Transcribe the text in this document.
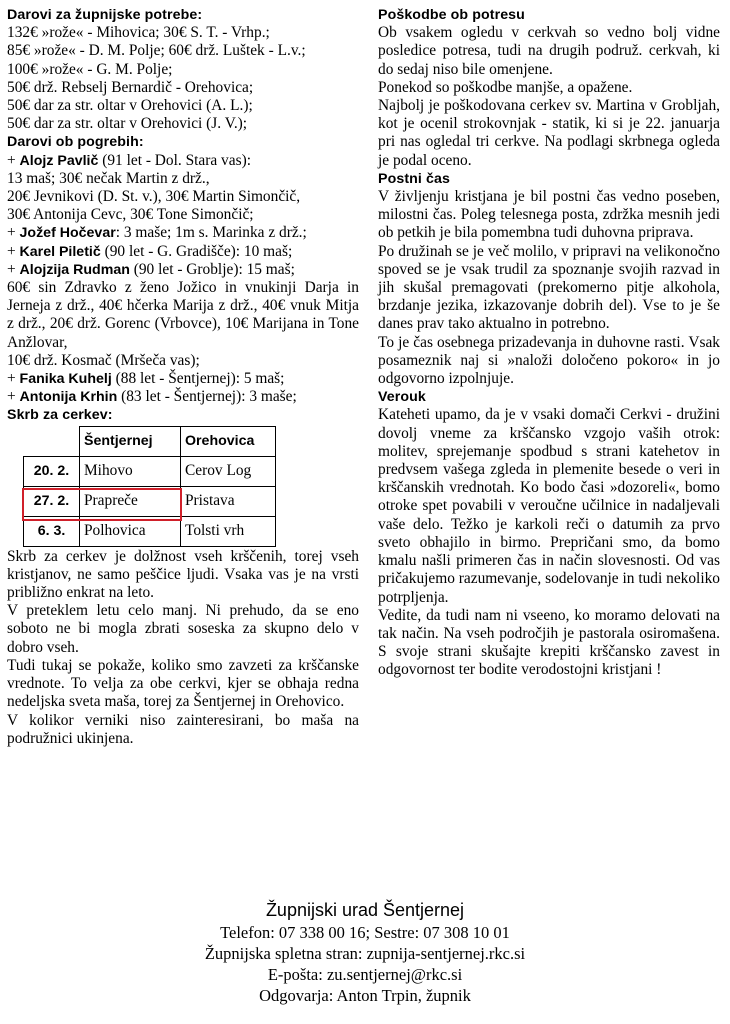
Darovi za župnijske potrebe:
132€ »rože« - Mihovica; 30€ S. T. - Vrhp.;
85€ »rože« - D. M. Polje; 60€ drž. Luštek - L.v.;
100€ »rože« - G. M. Polje;
50€ drž. Rebselj Bernardič - Orehovica;
50€ dar za str. oltar v Orehovici (A. L.);
50€ dar za str. oltar v Orehovici (J. V.);
Darovi ob pogrebih:
+ Alojz Pavlič (91 let - Dol. Stara vas):
13 maš; 30€ nečak Martin z drž.,
20€ Jevnikovi (D. St. v.), 30€ Martin Simončič,
30€ Antonija Cevc, 30€ Tone Simončič;
+ Jožef Hočevar: 3 maše; 1m s. Marinka z drž.;
+ Karel Piletič (90 let - G. Gradišče): 10 maš;
+ Alojzija Rudman (90 let - Groblje): 15 maš;

60€ sin Zdravko z ženo Jožico in vnukinji Darja in Jerneja z drž., 40€ hčerka Marija z drž., 40€ vnuk Mitja z drž., 20€ drž. Gorenc (Vrbovce), 10€ Marijana in Tone Anžlovar,

10€ drž. Kosmač (Mršeča vas);
+ Fanika Kuhelj (88 let - Šentjernej): 5 maš;
+ Antonija Krhin (83 let - Šentjernej): 3 maše;
Skrb za cerkev:
	Šentjernej	Orehovica
20. 2.	Mihovo	Cerov Log
27. 2.	Prapreče	Pristava
6. 3.	Polhovica	Tolsti vrh

Skrb za cerkev je dolžnost vseh krščenih, torej vseh kristjanov, ne samo peščice ljudi. Vsaka vas je na vrsti približno enkrat na leto.

V preteklem letu celo manj. Ni prehudo, da se eno soboto ne bi mogla zbrati soseska za skupno delo v dobro vseh.

Tudi tukaj se pokaže, koliko smo zavzeti za krščanske vrednote. To velja za obe cerkvi, kjer se obhaja redna nedeljska sveta maša, torej za Šentjernej in Orehovico.

V kolikor verniki niso zainteresirani, bo maša na podružnici ukinjena.

Poškodbe ob potresu

Ob vsakem ogledu v cerkvah so vedno bolj vidne posledice potresa, tudi na drugih podruž. cerkvah, ki do sedaj niso bile omenjene.

Ponekod so poškodbe manjše, a opažene.

Najbolj je poškodovana cerkev sv. Martina v Grobljah, kot je ocenil strokovnjak - statik, ki si je 22. januarja pri nas ogledal tri cerkve. Na podlagi skrbnega ogleda je podal oceno.

Postni čas

V življenju kristjana je bil postni čas vedno poseben, milostni čas. Poleg telesnega posta, zdržka mesnih jedi ob petkih je bila pomembna tudi duhovna priprava.

Po družinah se je več molilo, v pripravi na velikonočno spoved se je vsak trudil za spoznanje svojih razvad in jih skušal premagovati (prekomerno pitje alkohola, brzdanje jezika, izkazovanje dobrih del). Vse to je še danes prav tako aktualno in potrebno.

To je čas osebnega prizadevanja in duhovne rasti. Vsak posameznik naj si »naloži določeno pokoro« in jo odgovorno izpolnjuje.

Verouk

Kateheti upamo, da je v vsaki domači Cerkvi - družini dovolj vneme za krščansko vzgojo vaših otrok: molitev, sprejemanje spodbud s strani katehetov in predvsem vašega zgleda in plemenite besede o veri in krščanskih vrednotah. Ko bodo časi »dozoreli«, bomo otroke spet povabili v veroučne učilnice in nadaljevali vaše delo. Težko je karkoli reči o datumih za prvo sveto obhajilo in birmo. Prepričani smo, da bomo kmalu našli primeren čas in način slovesnosti. Od vas pričakujemo razumevanje, sodelovanje in tudi nekoliko potrpljenja.

Vedite, da tudi nam ni vseeno, ko moramo delovati na tak način. Na vseh področjih je pastorala osiromašena. S svoje strani skušajte krepiti krščansko zavest in odgovornost ter bodite verodostojni kristjani !

Župnijski urad Šentjernej
Telefon: 07 338 00 16; Sestre: 07 308 10 01
Župnijska spletna stran: zupnija-sentjernej.rkc.si
E-pošta: zu.sentjernej@rkc.si
Odgovarja: Anton Trpin, župnik
